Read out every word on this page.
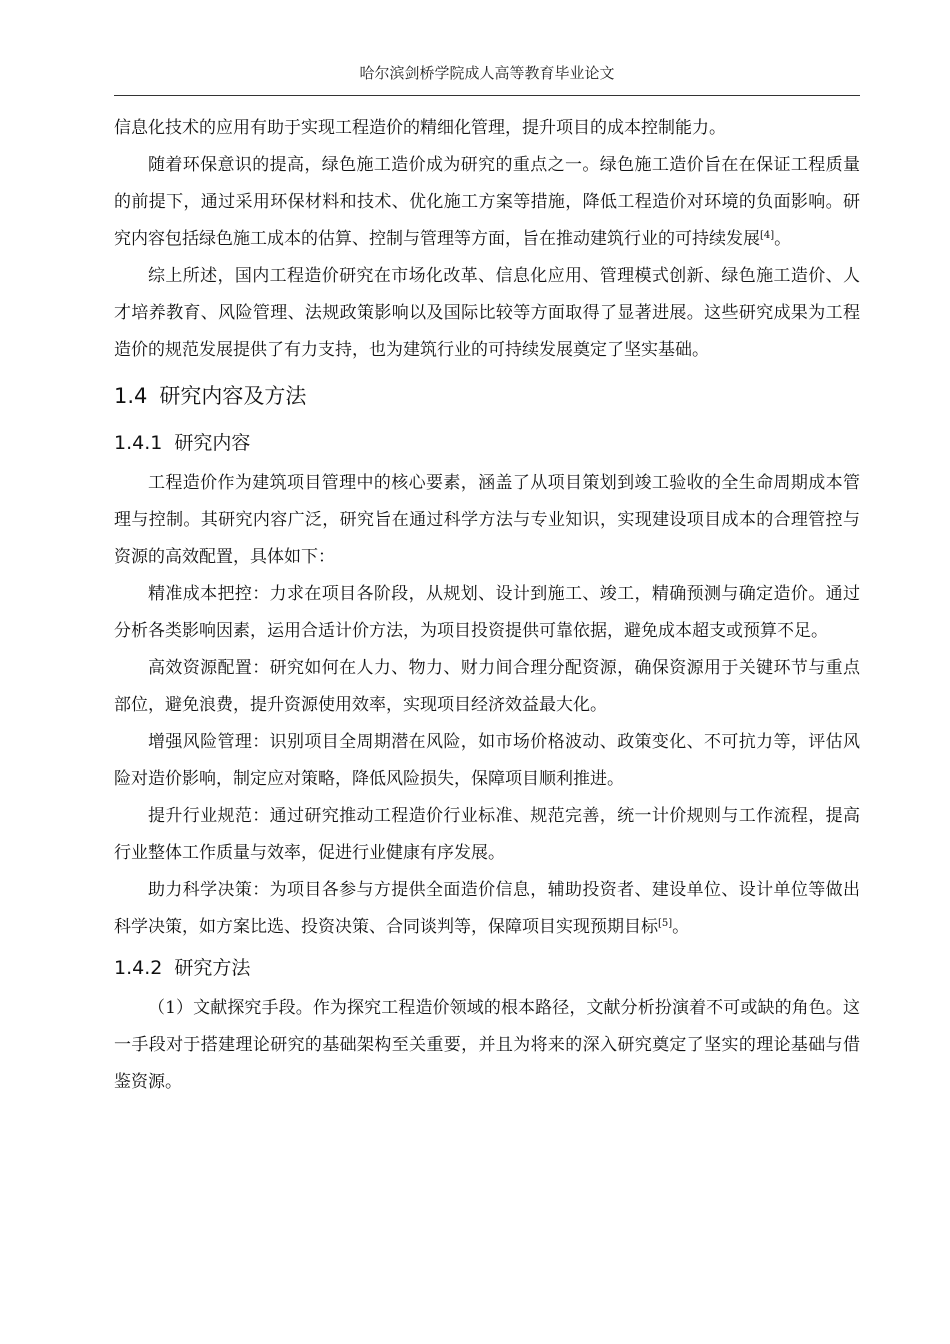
哈尔滨剑桥学院成人高等教育毕业论文

信息化技术的应用有助于实现工程造价的精细化管理，提升项目的成本控制能力。

随着环保意识的提高，绿色施工造价成为研究的重点之一。绿色施工造价旨在在保证工程质量的前提下，通过采用环保材料和技术、优化施工方案等措施，降低工程造价对环境的负面影响。研究内容包括绿色施工成本的估算、控制与管理等方面，旨在推动建筑行业的可持续发展[4]。

综上所述，国内工程造价研究在市场化改革、信息化应用、管理模式创新、绿色施工造价、人才培养教育、风险管理、法规政策影响以及国际比较等方面取得了显著进展。这些研究成果为工程造价的规范发展提供了有力支持，也为建筑行业的可持续发展奠定了坚实基础。

1.4 研究内容及方法
1.4.1 研究内容

工程造价作为建筑项目管理中的核心要素，涵盖了从项目策划到竣工验收的全生命周期成本管理与控制。其研究内容广泛，研究旨在通过科学方法与专业知识，实现建设项目成本的合理管控与资源的高效配置，具体如下：

精准成本把控：力求在项目各阶段，从规划、设计到施工、竣工，精确预测与确定造价。通过分析各类影响因素，运用合适计价方法，为项目投资提供可靠依据，避免成本超支或预算不足。

高效资源配置：研究如何在人力、物力、财力间合理分配资源，确保资源用于关键环节与重点部位，避免浪费，提升资源使用效率，实现项目经济效益最大化。

增强风险管理：识别项目全周期潜在风险，如市场价格波动、政策变化、不可抗力等，评估风险对造价影响，制定应对策略，降低风险损失，保障项目顺利推进。

提升行业规范：通过研究推动工程造价行业标准、规范完善，统一计价规则与工作流程，提高行业整体工作质量与效率，促进行业健康有序发展。

助力科学决策：为项目各参与方提供全面造价信息，辅助投资者、建设单位、设计单位等做出科学决策，如方案比选、投资决策、合同谈判等，保障项目实现预期目标[5]。

1.4.2 研究方法

（1）文献探究手段。作为探究工程造价领域的根本路径，文献分析扮演着不可或缺的角色。这一手段对于搭建理论研究的基础架构至关重要，并且为将来的深入研究奠定了坚实的理论基础与借鉴资源。
